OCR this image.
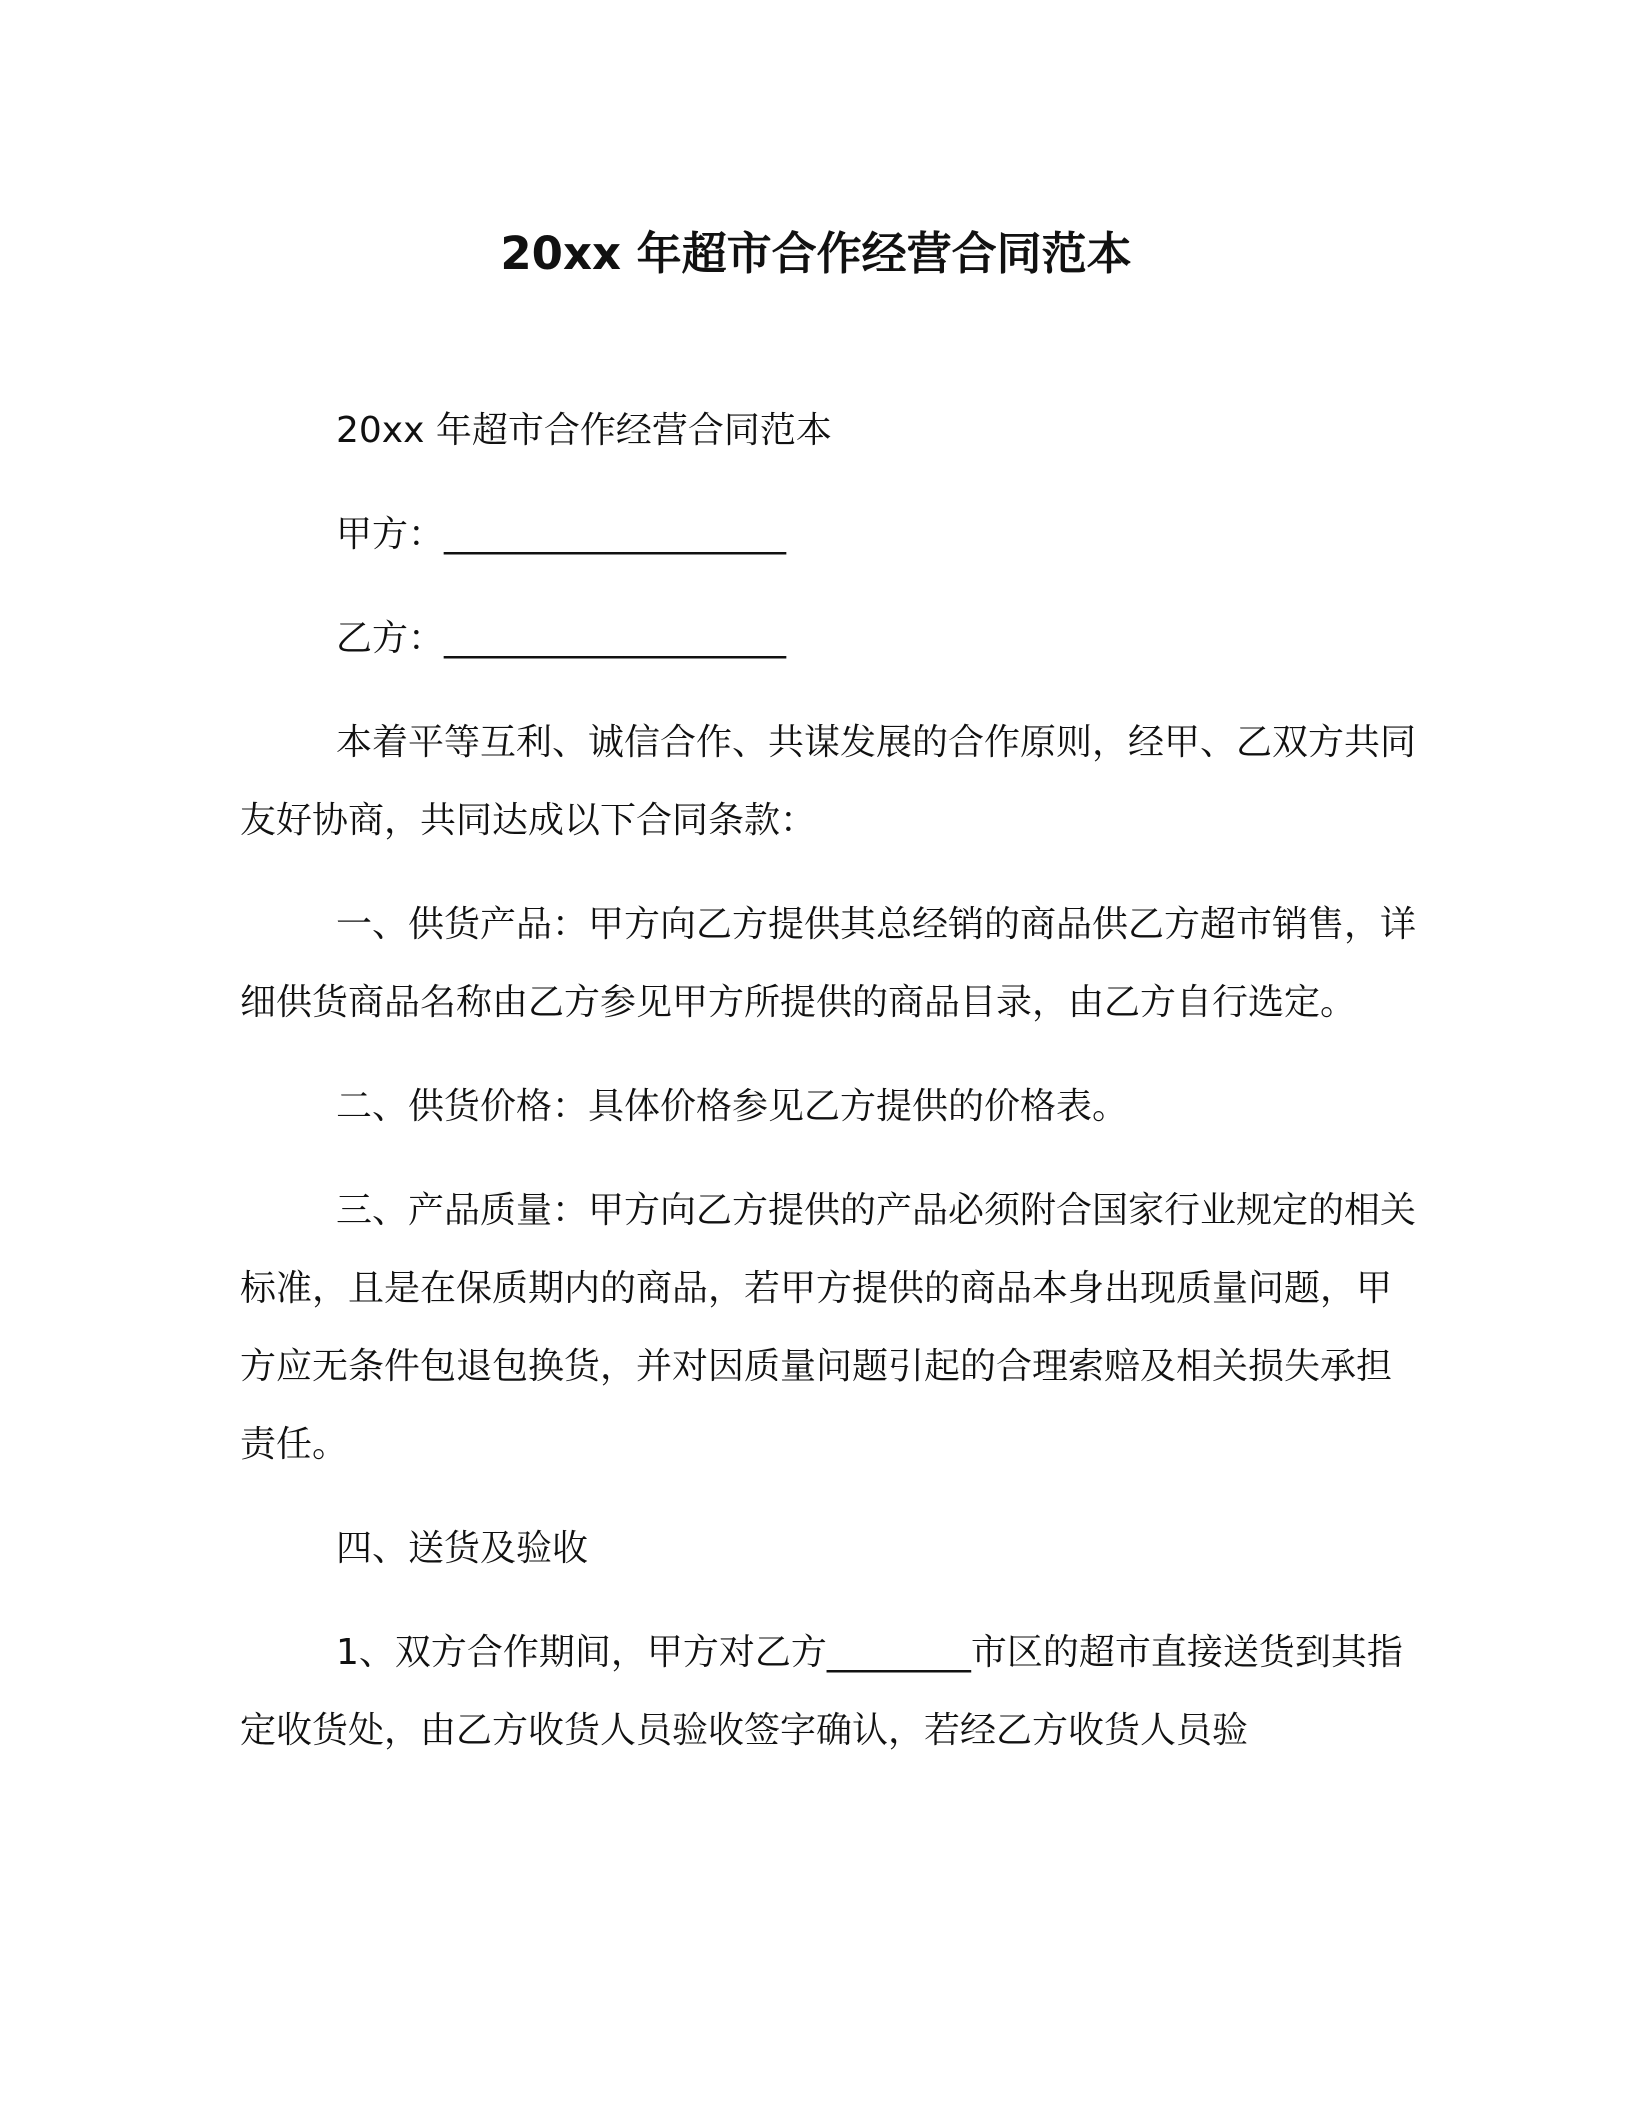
20xx 年超市合作经营合同范本

20xx 年超市合作经营合同范本

甲方：___________________

乙方：___________________

本着平等互利、诚信合作、共谋发展的合作原则，经甲、乙双方共同友好协商，共同达成以下合同条款：

一、供货产品：甲方向乙方提供其总经销的商品供乙方超市销售，详细供货商品名称由乙方参见甲方所提供的商品目录，由乙方自行选定。

二、供货价格：具体价格参见乙方提供的价格表。

三、产品质量：甲方向乙方提供的产品必须附合国家行业规定的相关标准，且是在保质期内的商品，若甲方提供的商品本身出现质量问题，甲方应无条件包退包换货，并对因质量问题引起的合理索赔及相关损失承担责任。

四、送货及验收

1、双方合作期间，甲方对乙方________市区的超市直接送货到其指定收货处，由乙方收货人员验收签字确认，若经乙方收货人员验
